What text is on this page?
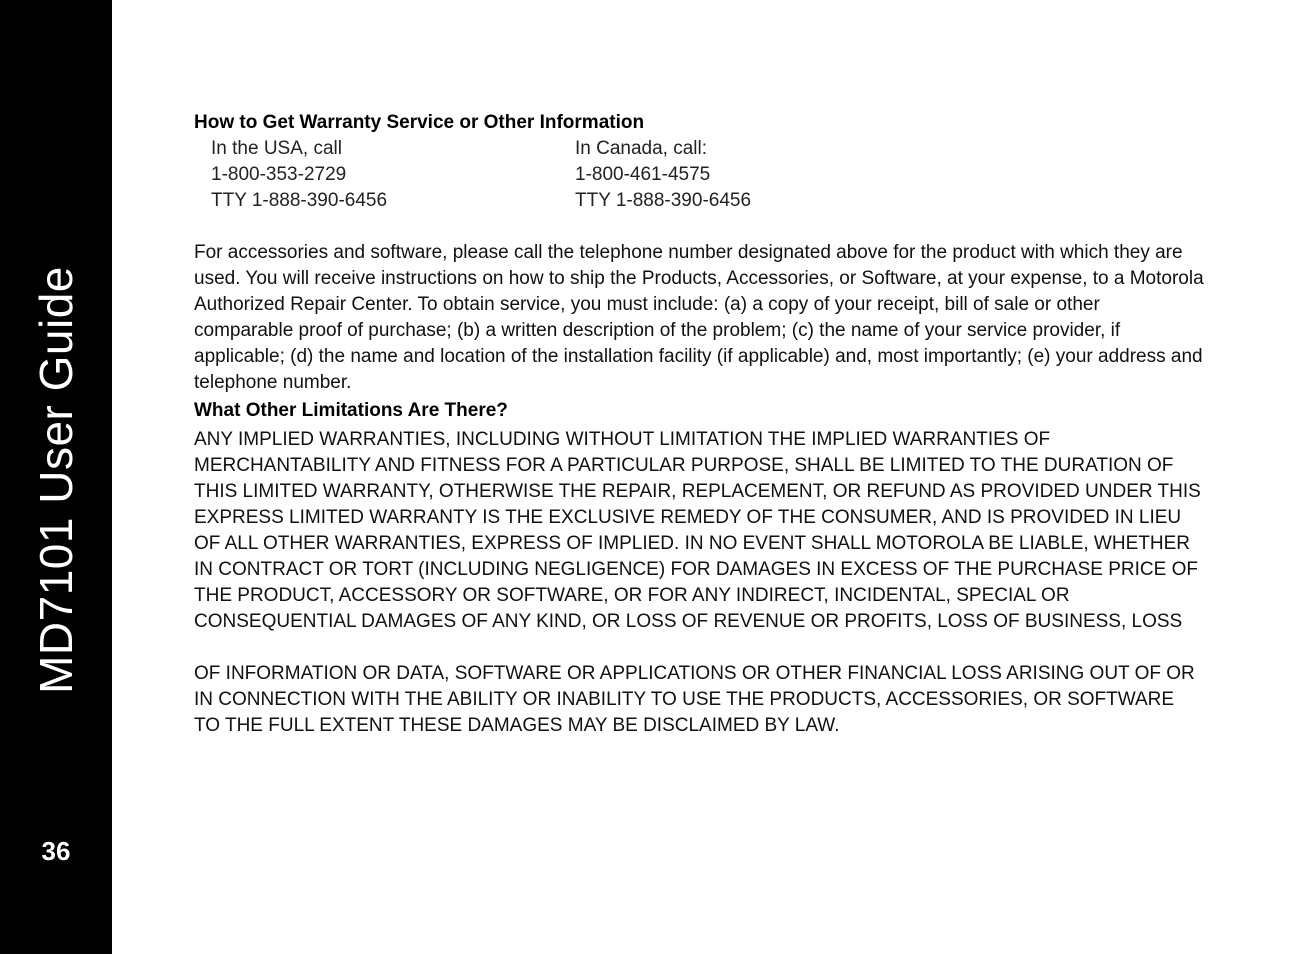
MD7101 User Guide
36

How to Get Warranty Service or Other Information

In the USA, call
1-800-353-2729
TTY 1-888-390-6456
In Canada, call:
1-800-461-4575
TTY 1-888-390-6456

For accessories and software, please call the telephone number designated above for the product with which they are used. You will receive instructions on how to ship the Products, Accessories, or Software, at your expense, to a Motorola Authorized Repair Center. To obtain service, you must include: (a) a copy of your receipt, bill of sale or other comparable proof of purchase; (b) a written description of the problem; (c) the name of your service provider, if applicable; (d) the name and location of the installation facility (if applicable) and, most importantly; (e) your address and telephone number.

What Other Limitations Are There?

ANY IMPLIED WARRANTIES, INCLUDING WITHOUT LIMITATION THE IMPLIED WARRANTIES OF MERCHANTABILITY AND FITNESS FOR A PARTICULAR PURPOSE, SHALL BE LIMITED TO THE DURATION OF THIS LIMITED WARRANTY, OTHERWISE THE REPAIR, REPLACEMENT, OR REFUND AS PROVIDED UNDER THIS EXPRESS LIMITED WARRANTY IS THE EXCLUSIVE REMEDY OF THE CONSUMER, AND IS PROVIDED IN LIEU OF ALL OTHER WARRANTIES, EXPRESS OF IMPLIED. IN NO EVENT SHALL MOTOROLA BE LIABLE, WHETHER IN CONTRACT OR TORT (INCLUDING NEGLIGENCE) FOR DAMAGES IN EXCESS OF THE PURCHASE PRICE OF THE PRODUCT, ACCESSORY OR SOFTWARE, OR FOR ANY INDIRECT, INCIDENTAL, SPECIAL OR CONSEQUENTIAL DAMAGES OF ANY KIND, OR LOSS OF REVENUE OR PROFITS, LOSS OF BUSINESS, LOSS

OF INFORMATION OR DATA, SOFTWARE OR APPLICATIONS OR OTHER FINANCIAL LOSS ARISING OUT OF OR IN CONNECTION WITH THE ABILITY OR INABILITY TO USE THE PRODUCTS, ACCESSORIES, OR SOFTWARE TO THE FULL EXTENT THESE DAMAGES MAY BE DISCLAIMED BY LAW.
